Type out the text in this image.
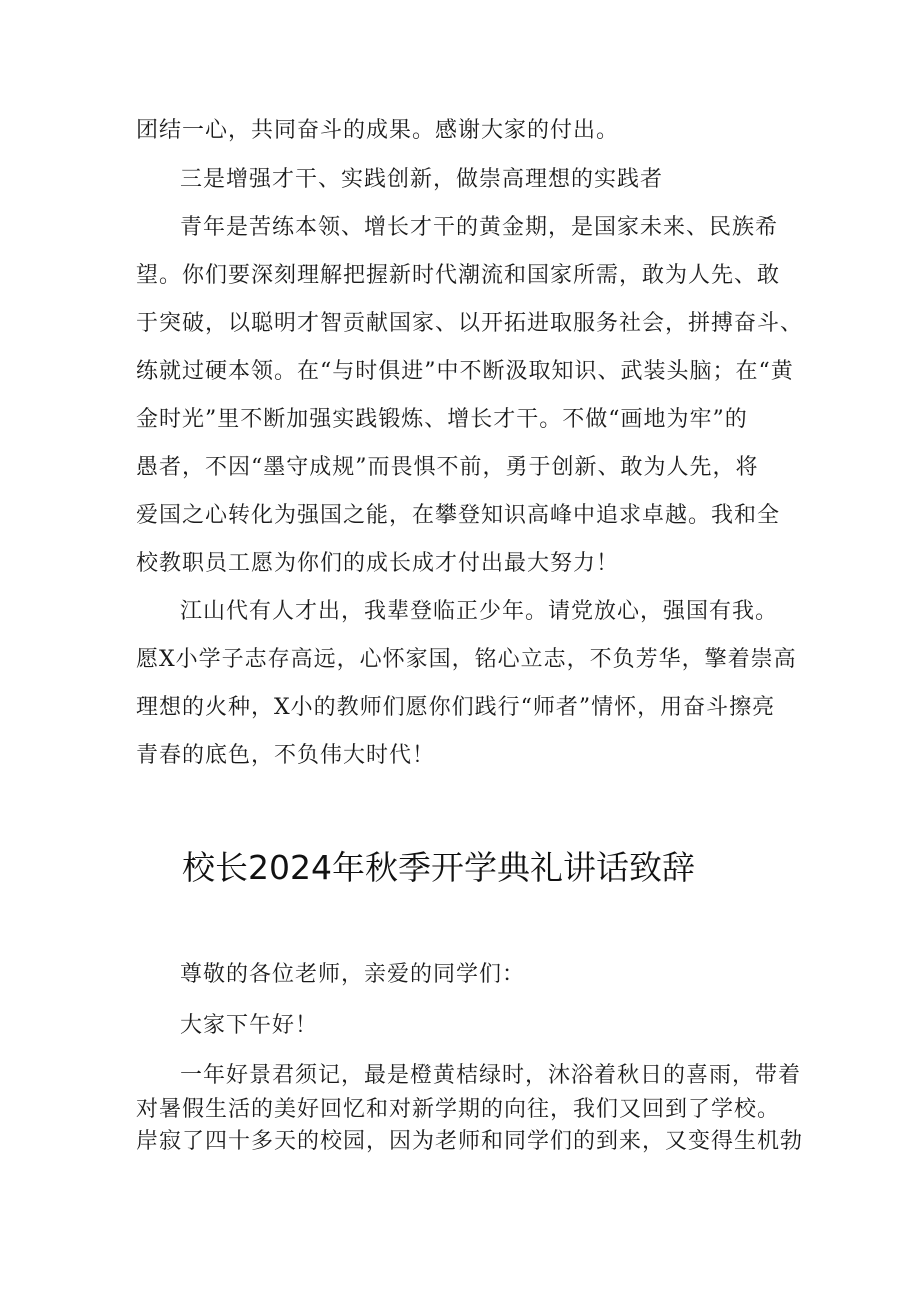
团结一心，共同奋斗的成果。感谢大家的付出。
三是增强才干、实践创新，做崇高理想的实践者
青年是苦练本领、增长才干的黄金期，是国家未来、民族希
望。你们要深刻理解把握新时代潮流和国家所需，敢为人先、敢
于突破，以聪明才智贡献国家、以开拓进取服务社会，拼搏奋斗、
练就过硬本领。在“与时俱进”中不断汲取知识、武装头脑；在“黄
金时光”里不断加强实践锻炼、增长才干。不做“画地为牢”的
愚者，不因“墨守成规”而畏惧不前，勇于创新、敢为人先，将
爱国之心转化为强国之能，在攀登知识高峰中追求卓越。我和全
校教职员工愿为你们的成长成才付出最大努力！
江山代有人才出，我辈登临正少年。请党放心，强国有我。
愿X小学子志存高远，心怀家国，铭心立志，不负芳华，擎着崇高
理想的火种，X小的教师们愿你们践行“师者”情怀，用奋斗擦亮
青春的底色，不负伟大时代！
校长2024年秋季开学典礼讲话致辞
尊敬的各位老师，亲爱的同学们：
大家下午好！
一年好景君须记，最是橙黄桔绿时，沐浴着秋日的喜雨，带着
对暑假生活的美好回忆和对新学期的向往，我们又回到了学校。
岸寂了四十多天的校园，因为老师和同学们的到来，又变得生机勃
